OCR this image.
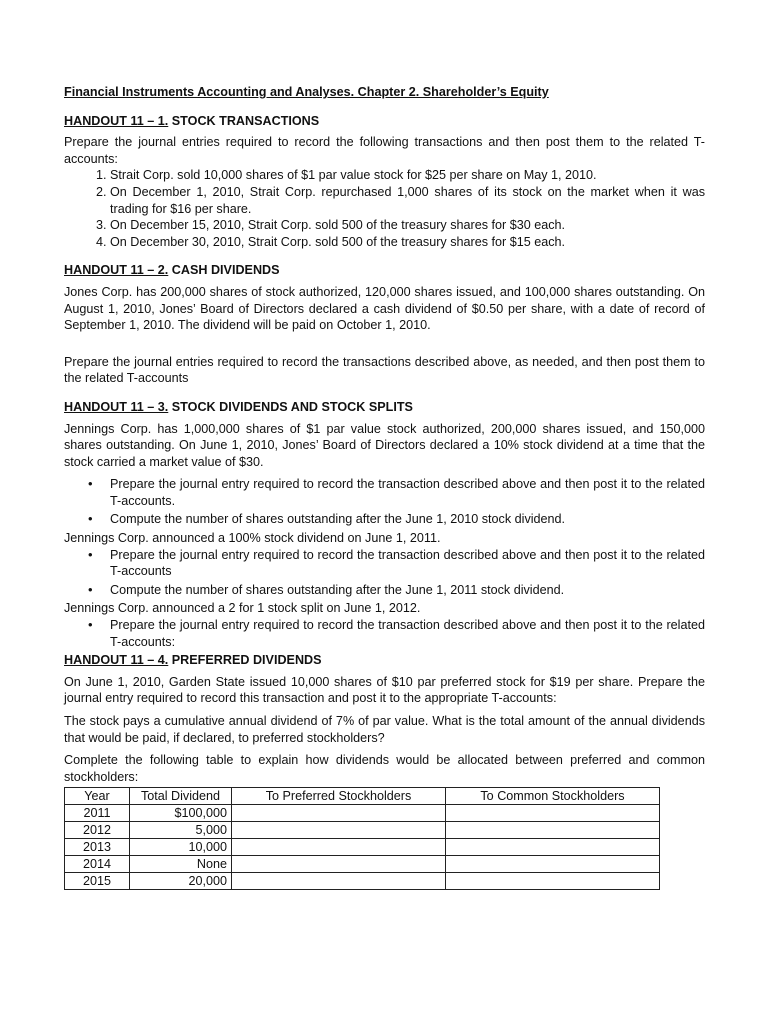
Financial Instruments Accounting and Analyses. Chapter 2. Shareholder’s Equity
HANDOUT 11 – 1. STOCK TRANSACTIONS

Prepare the journal entries required to record the following transactions and then post them to the related T-accounts:

1. Strait Corp. sold 10,000 shares of $1 par value stock for $25 per share on May 1, 2010.
2. On December 1, 2010, Strait Corp. repurchased 1,000 shares of its stock on the market when it was trading for $16 per share.
3. On December 15, 2010, Strait Corp. sold 500 of the treasury shares for $30 each.
4. On December 30, 2010, Strait Corp. sold 500 of the treasury shares for $15 each.
HANDOUT 11 – 2. CASH DIVIDENDS

Jones Corp. has 200,000 shares of stock authorized, 120,000 shares issued, and 100,000 shares outstanding. On August 1, 2010, Jones’ Board of Directors declared a cash dividend of $0.50 per share, with a date of record of September 1, 2010. The dividend will be paid on October 1, 2010.

Prepare the journal entries required to record the transactions described above, as needed, and then post them to the related T-accounts

HANDOUT 11 – 3. STOCK DIVIDENDS AND STOCK SPLITS

Jennings Corp. has 1,000,000 shares of $1 par value stock authorized, 200,000 shares issued, and 150,000 shares outstanding. On June 1, 2010, Jones’ Board of Directors declared a 10% stock dividend at a time that the stock carried a market value of $30.

• Prepare the journal entry required to record the transaction described above and then post it to the related T-accounts.
• Compute the number of shares outstanding after the June 1, 2010 stock dividend.

Jennings Corp. announced a 100% stock dividend on June 1, 2011.

• Prepare the journal entry required to record the transaction described above and then post it to the related T-accounts
• Compute the number of shares outstanding after the June 1, 2011 stock dividend.

Jennings Corp. announced a 2 for 1 stock split on June 1, 2012.

• Prepare the journal entry required to record the transaction described above and then post it to the related T-accounts:
HANDOUT 11 – 4. PREFERRED DIVIDENDS

On June 1, 2010, Garden State issued 10,000 shares of $10 par preferred stock for $19 per share. Prepare the journal entry required to record this transaction and post it to the appropriate T-accounts:

The stock pays a cumulative annual dividend of 7% of par value. What is the total amount of the annual dividends that would be paid, if declared, to preferred stockholders?

Complete the following table to explain how dividends would be allocated between preferred and common stockholders:

Year	Total Dividend	To Preferred Stockholders	To Common Stockholders
2011	$100,000		
2012	5,000		
2013	10,000		
2014	None		
2015	20,000		
